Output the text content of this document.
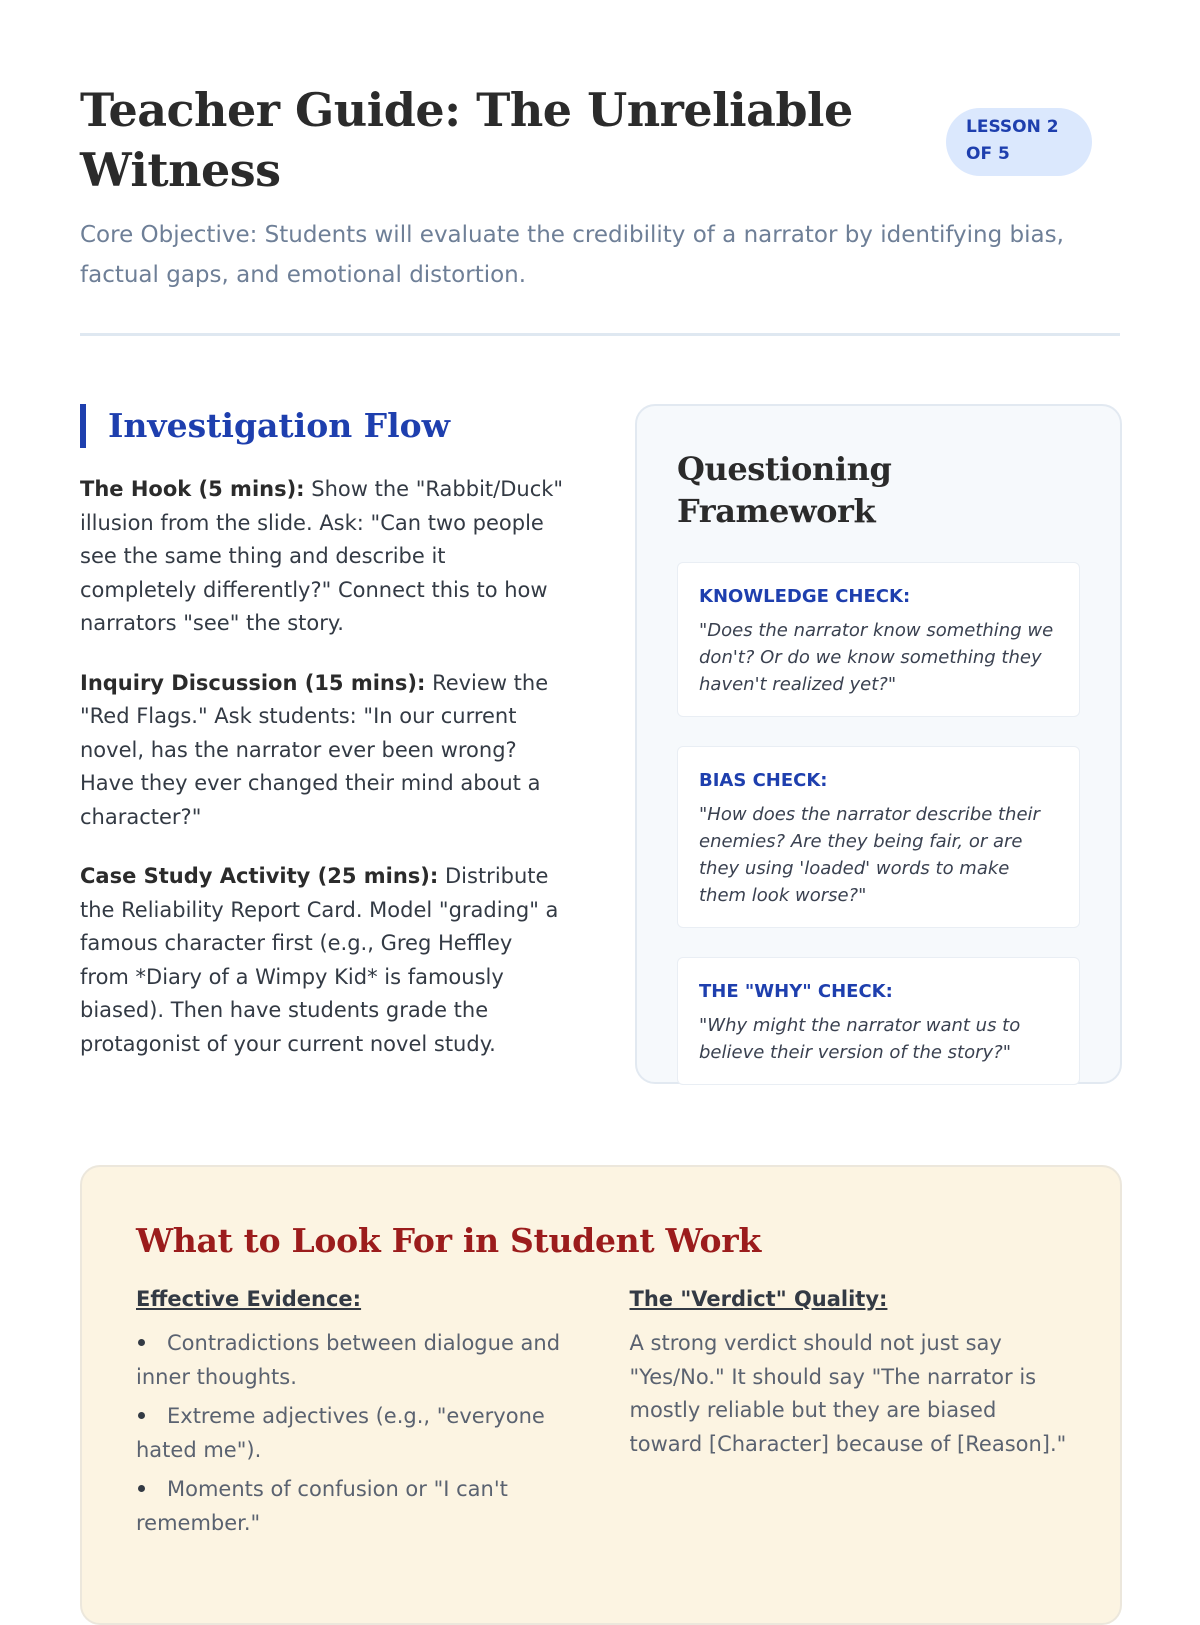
Teacher Guide: The Unreliable Witness
LESSON 2 OF 5

Core Objective: Students will evaluate the credibility of a narrator by identifying bias, factual gaps, and emotional distortion.

Investigation Flow

The Hook (5 mins): Show the "Rabbit/Duck" illusion from the slide. Ask: "Can two people see the same thing and describe it completely differently?" Connect this to how narrators "see" the story.

Inquiry Discussion (15 mins): Review the "Red Flags." Ask students: "In our current novel, has the narrator ever been wrong? Have they ever changed their mind about a character?"

Case Study Activity (25 mins): Distribute the Reliability Report Card. Model "grading" a famous character first (e.g., Greg Heffley from *Diary of a Wimpy Kid* is famously biased). Then have students grade the protagonist of your current novel study.

Questioning Framework
KNOWLEDGE CHECK:
"Does the narrator know something we don't? Or do we know something they haven't realized yet?"
BIAS CHECK:
"How does the narrator describe their enemies? Are they being fair, or are they using 'loaded' words to make them look worse?"
THE "WHY" CHECK:
"Why might the narrator want us to believe their version of the story?"
What to Look For in Student Work
Effective Evidence:
Contradictions between dialogue and inner thoughts.
Extreme adjectives (e.g., "everyone hated me").
Moments of confusion or "I can't remember."
The "Verdict" Quality:

A strong verdict should not just say "Yes/No." It should say "The narrator is mostly reliable but they are biased toward [Character] because of [Reason]."
